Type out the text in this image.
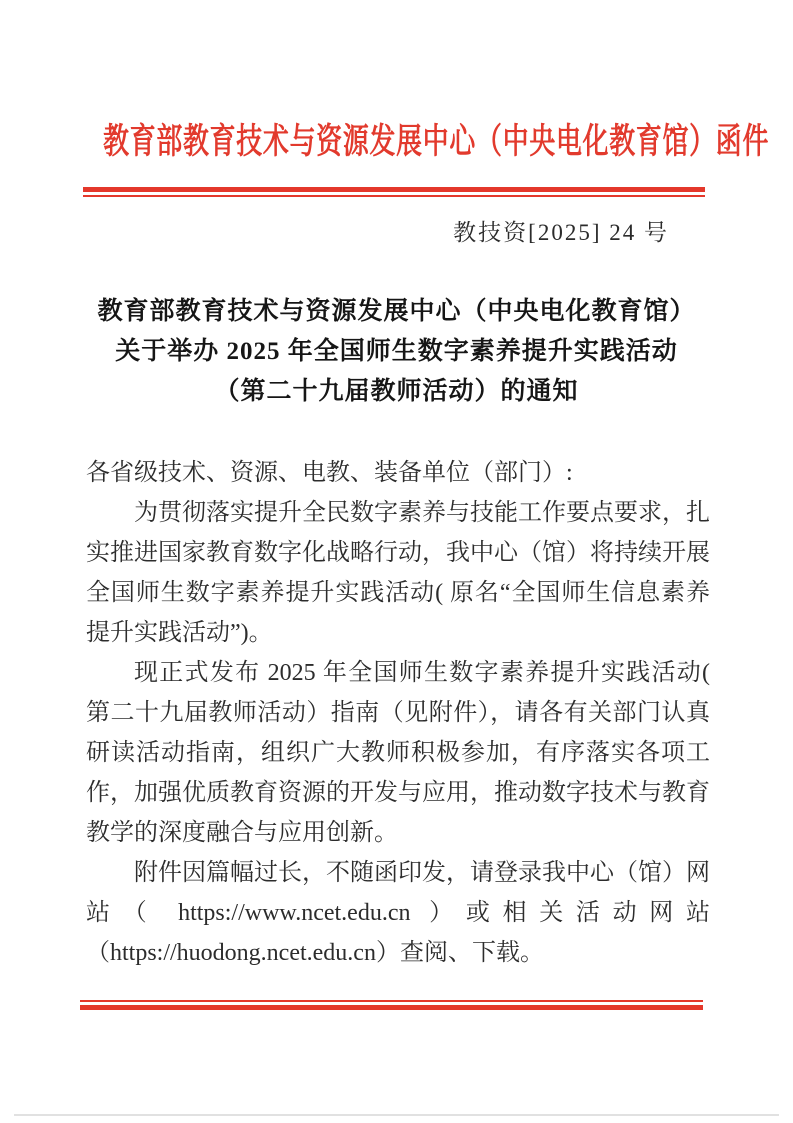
教育部教育技术与资源发展中心（中央电化教育馆）函件
教技资[2025] 24 号
教育部教育技术与资源发展中心（中央电化教育馆）
关于举办 2025 年全国师生数字素养提升实践活动
（第二十九届教师活动）的通知

各省级技术、资源、电教、装备单位（部门）:

为贯彻落实提升全民数字素养与技能工作要点要求，扎实推进国家教育数字化战略行动，我中心（馆）将持续开展全国师生数字素养提升实践活动( 原名“全国师生信息素养提升实践活动”)。

现正式发布 2025 年全国师生数字素养提升实践活动( 第二十九届教师活动）指南（见附件），请各有关部门认真研读活动指南，组织广大教师积极参加，有序落实各项工作，加强优质教育资源的开发与应用，推动数字技术与教育教学的深度融合与应用创新。

附件因篇幅过长，不随函印发，请登录我中心（馆）网站（ https://www.ncet.edu.cn ）或相关活动网站（https://huodong.ncet.edu.cn）查阅、下载。
